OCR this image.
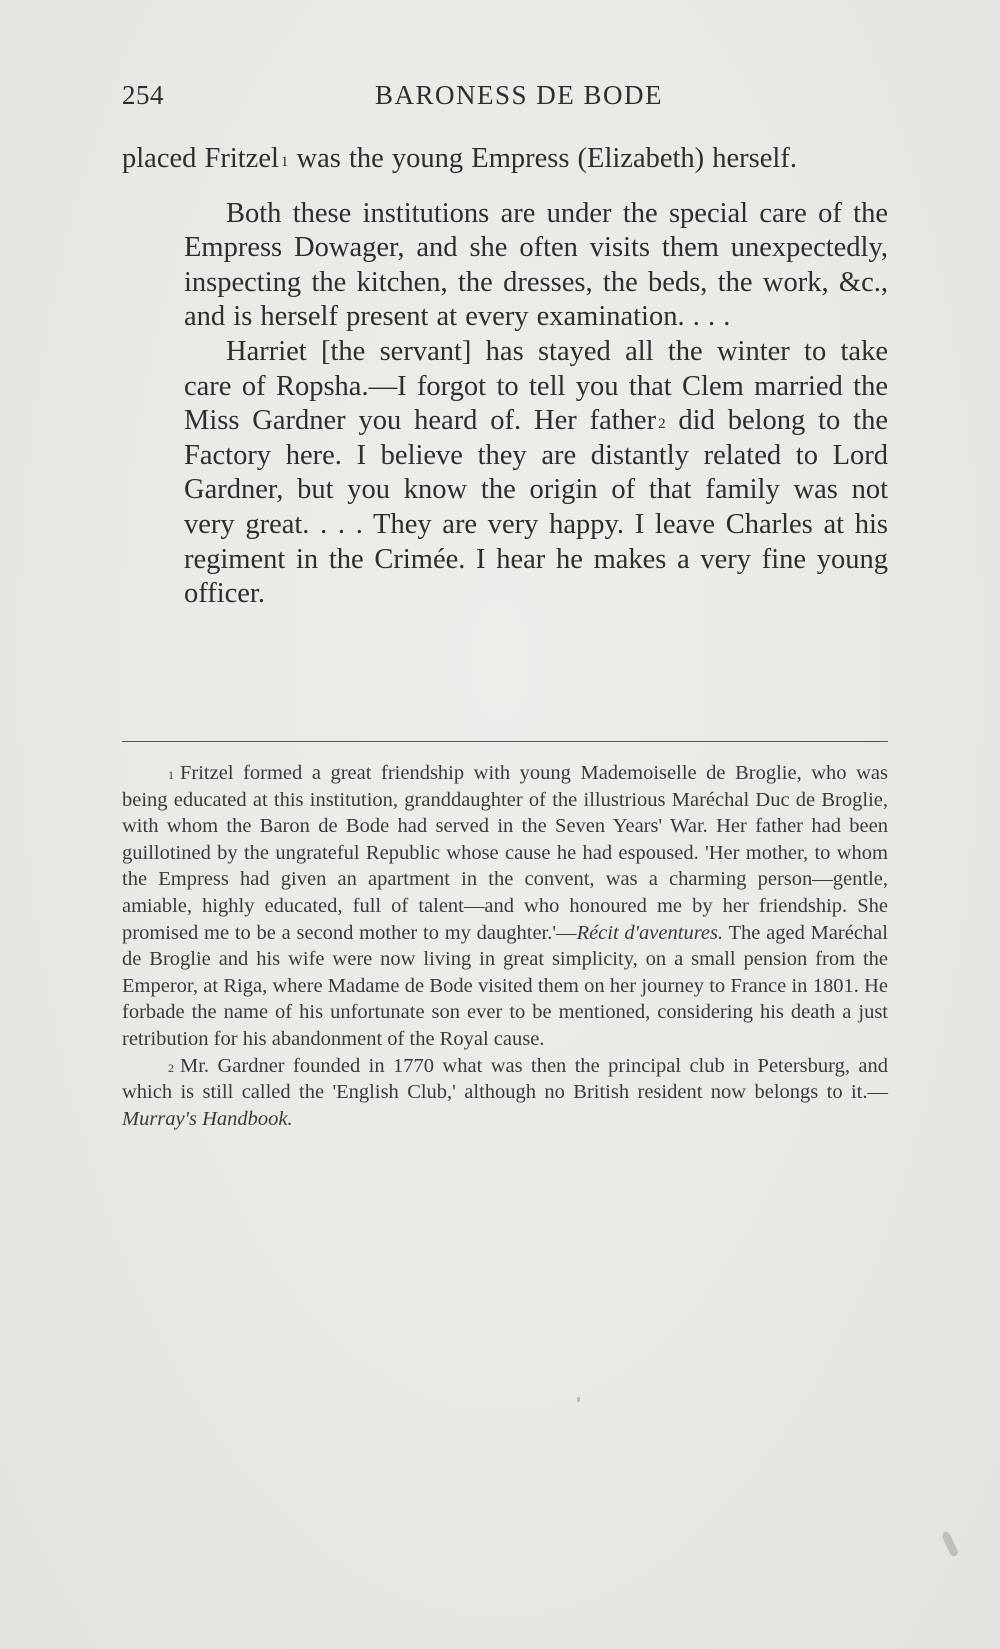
254	BARONESS DE BODE

placed Fritzel $^1$ was the young Empress (Elizabeth) herself.

Both these institutions are under the special care of the Empress Dowager, and she often visits them unexpectedly, inspecting the kitchen, the dresses, the beds, the work, &c., and is herself present at every examination. . . .

Harriet [the servant] has stayed all the winter to take care of Ropsha.—I forgot to tell you that Clem married the Miss Gardner you heard of. Her father $^2$ did belong to the Factory here. I believe they are distantly related to Lord Gardner, but you know the origin of that family was not very great. . . . They are very happy. I leave Charles at his regiment in the Crimée. I hear he makes a very fine young officer.

$^1$ Fritzel formed a great friendship with young Mademoiselle de Broglie, who was being educated at this institution, granddaughter of the illustrious Maréchal Duc de Broglie, with whom the Baron de Bode had served in the Seven Years' War. Her father had been guillotined by the ungrateful Republic whose cause he had espoused. 'Her mother, to whom the Empress had given an apartment in the convent, was a charming person—gentle, amiable, highly educated, full of talent—and who honoured me by her friendship. She promised me to be a second mother to my daughter.'—Récit d'aventures. The aged Maréchal de Broglie and his wife were now living in great simplicity, on a small pension from the Emperor, at Riga, where Madame de Bode visited them on her journey to France in 1801. He forbade the name of his unfortunate son ever to be mentioned, considering his death a just retribution for his abandonment of the Royal cause.

$^2$ Mr. Gardner founded in 1770 what was then the principal club in Petersburg, and which is still called the 'English Club,' although no British resident now belongs to it.—Murray's Handbook.
